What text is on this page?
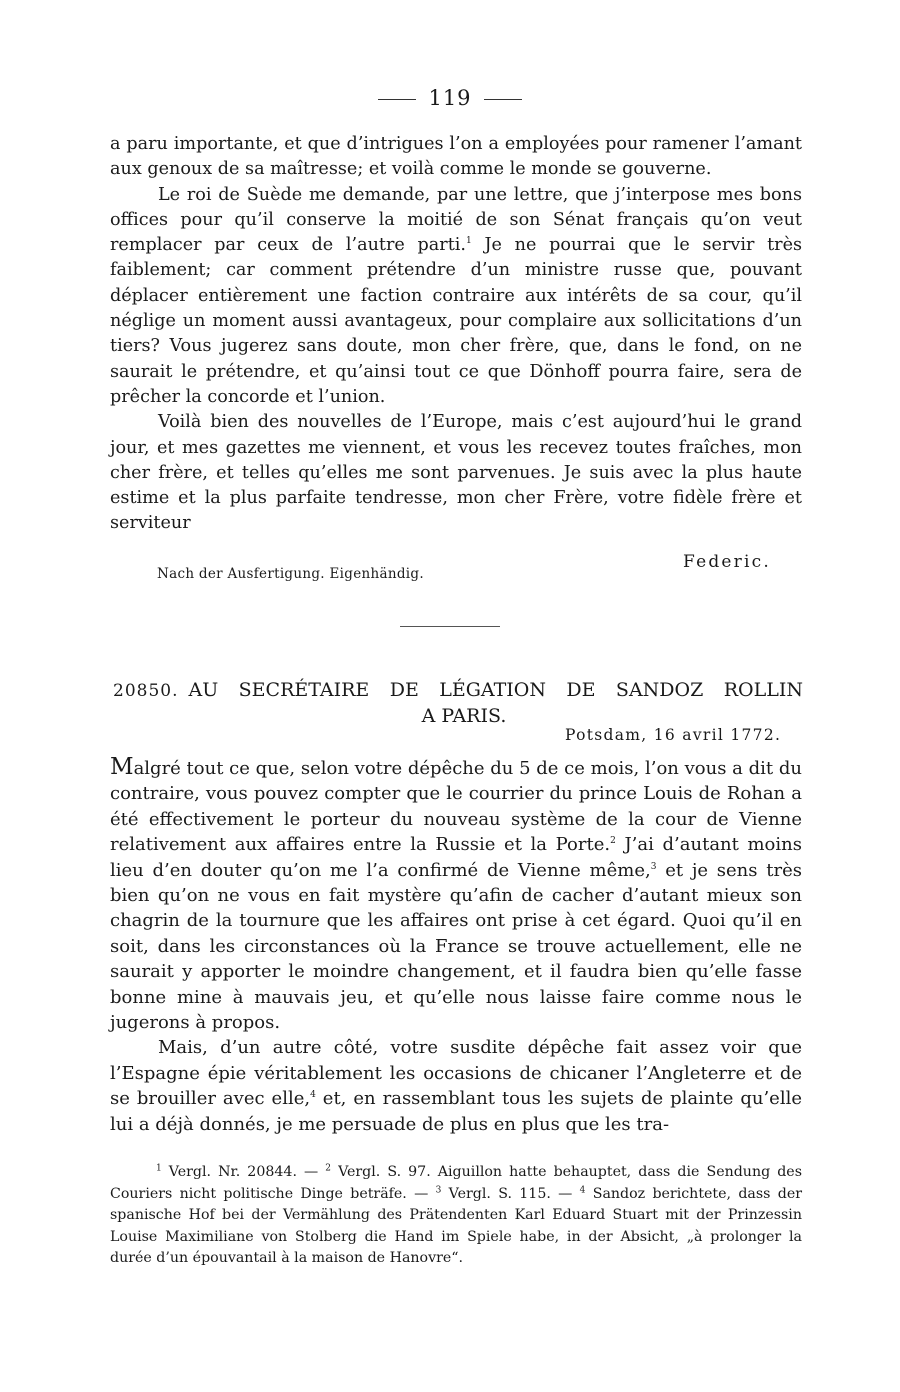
119

a paru importante, et que d’intrigues l’on a employées pour ramener l’amant aux genoux de sa maîtresse; et voilà comme le monde se gouverne.

Le roi de Suède me demande, par une lettre, que j’interpose mes bons offices pour qu’il conserve la moitié de son Sénat français qu’on veut remplacer par ceux de l’autre parti.$^1$ Je ne pourrai que le servir très faiblement; car comment prétendre d’un ministre russe que, pouvant déplacer entièrement une faction contraire aux intérêts de sa cour, qu’il néglige un moment aussi avantageux, pour complaire aux sollicitations d’un tiers? Vous jugerez sans doute, mon cher frère, que, dans le fond, on ne saurait le prétendre, et qu’ainsi tout ce que Dönhoff pourra faire, sera de prêcher la concorde et l’union.

Voilà bien des nouvelles de l’Europe, mais c’est aujourd’hui le grand jour, et mes gazettes me viennent, et vous les recevez toutes fraîches, mon cher frère, et telles qu’elles me sont parvenues. Je suis avec la plus haute estime et la plus parfaite tendresse, mon cher Frère, votre fidèle frère et serviteur

Federic.
Nach der Ausfertigung. Eigenhändig.
20850. AU SECRÉTAIRE DE LÉGATION DE SANDOZ ROLLIN
A PARIS.
Potsdam, 16 avril 1772.

Malgré tout ce que, selon votre dépêche du 5 de ce mois, l’on vous a dit du contraire, vous pouvez compter que le courrier du prince Louis de Rohan a été effectivement le porteur du nouveau système de la cour de Vienne relativement aux affaires entre la Russie et la Porte.$^2$ J’ai d’autant moins lieu d’en douter qu’on me l’a confirmé de Vienne même,$^3$ et je sens très bien qu’on ne vous en fait mystère qu’afin de cacher d’autant mieux son chagrin de la tournure que les affaires ont prise à cet égard. Quoi qu’il en soit, dans les circonstances où la France se trouve actuellement, elle ne saurait y apporter le moindre changement, et il faudra bien qu’elle fasse bonne mine à mauvais jeu, et qu’elle nous laisse faire comme nous le jugerons à propos.

Mais, d’un autre côté, votre susdite dépêche fait assez voir que l’Espagne épie véritablement les occasions de chicaner l’Angleterre et de se brouiller avec elle,$^4$ et, en rassemblant tous les sujets de plainte qu’elle lui a déjà donnés, je me persuade de plus en plus que les tra-

$^1$ Vergl. Nr. 20844. — $^2$ Vergl. S. 97. Aiguillon hatte behauptet, dass die Sendung des Couriers nicht politische Dinge beträfe. — $^3$ Vergl. S. 115. — $^4$ Sandoz berichtete, dass der spanische Hof bei der Vermählung des Prätendenten Karl Eduard Stuart mit der Prinzessin Louise Maximiliane von Stolberg die Hand im Spiele habe, in der Absicht, „à prolonger la durée d’un épouvantail à la maison de Hanovre“.
